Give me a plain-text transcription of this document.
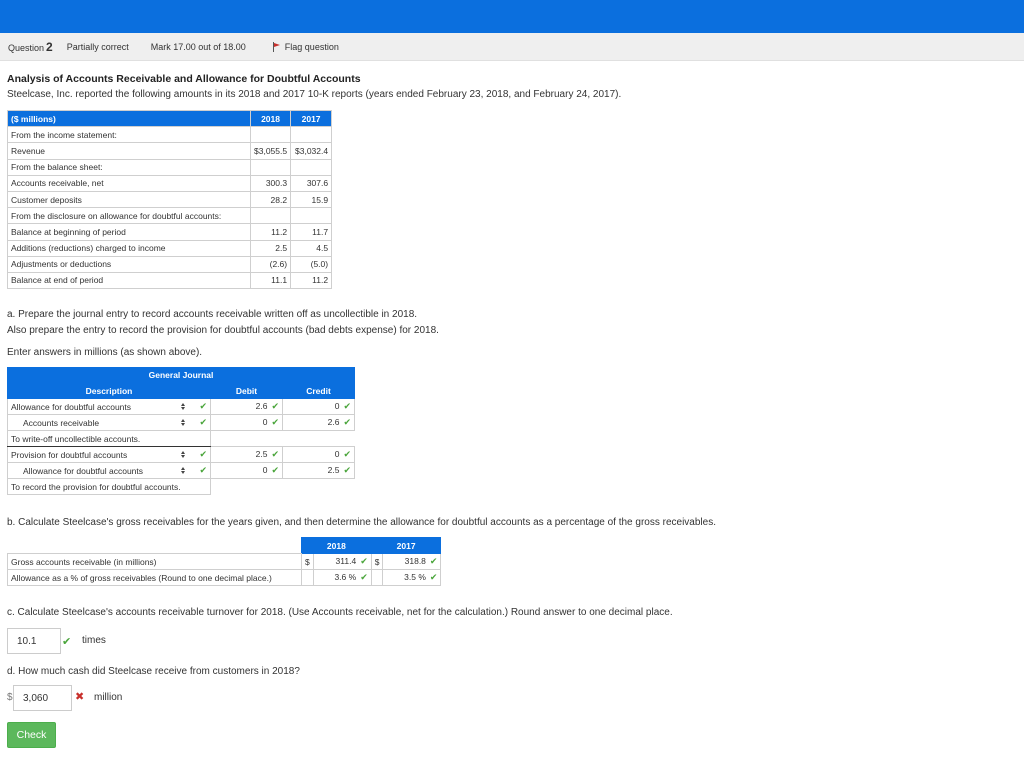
Question 2 Partially correct Mark 17.00 out of 18.00	Flag question
Analysis of Accounts Receivable and Allowance for Doubtful Accounts
Steelcase, Inc. reported the following amounts in its 2018 and 2017 10-K reports (years ended February 23, 2018, and February 24, 2017).
($ millions)	2018	2017
From the income statement:		
Revenue	$3,055.5	$3,032.4
From the balance sheet:		
Accounts receivable, net	300.3	307.6
Customer deposits	28.2	15.9
From the disclosure on allowance for doubtful accounts:		
Balance at beginning of period	11.2	11.7
Additions (reductions) charged to income	2.5	4.5
Adjustments or deductions	(2.6)	(5.0)
Balance at end of period	11.1	11.2
a. Prepare the journal entry to record accounts receivable written off as uncollectible in 2018.
Also prepare the entry to record the provision for doubtful accounts (bad debts expense) for 2018.
Enter answers in millions (as shown above).
General Journal		
Description	Debit	Credit

Allowance for doubtful accounts ✔	2.6 ✔	0 ✔

Accounts receivable ✔	0 ✔	2.6 ✔
To write-off uncollectible accounts.		

Provision for doubtful accounts ✔	2.5 ✔	0 ✔

Allowance for doubtful accounts ✔	0 ✔	2.5 ✔
To record the provision for doubtful accounts.		
b. Calculate Steelcase's gross receivables for the years given, and then determine the allowance for doubtful accounts as a percentage of the gross receivables.
	2018		2017	
Gross accounts receivable (in millions)	$	311.4 ✔	$	318.8 ✔
Allowance as a % of gross receivables (Round to one decimal place.)		3.6 % ✔		3.5 % ✔
c. Calculate Steelcase's accounts receivable turnover for 2018. (Use Accounts receivable, net for the calculation.) Round answer to one decimal place.
10.1	✔ times
d. How much cash did Steelcase receive from customers in 2018?
$	3,060	✖ million
Check
